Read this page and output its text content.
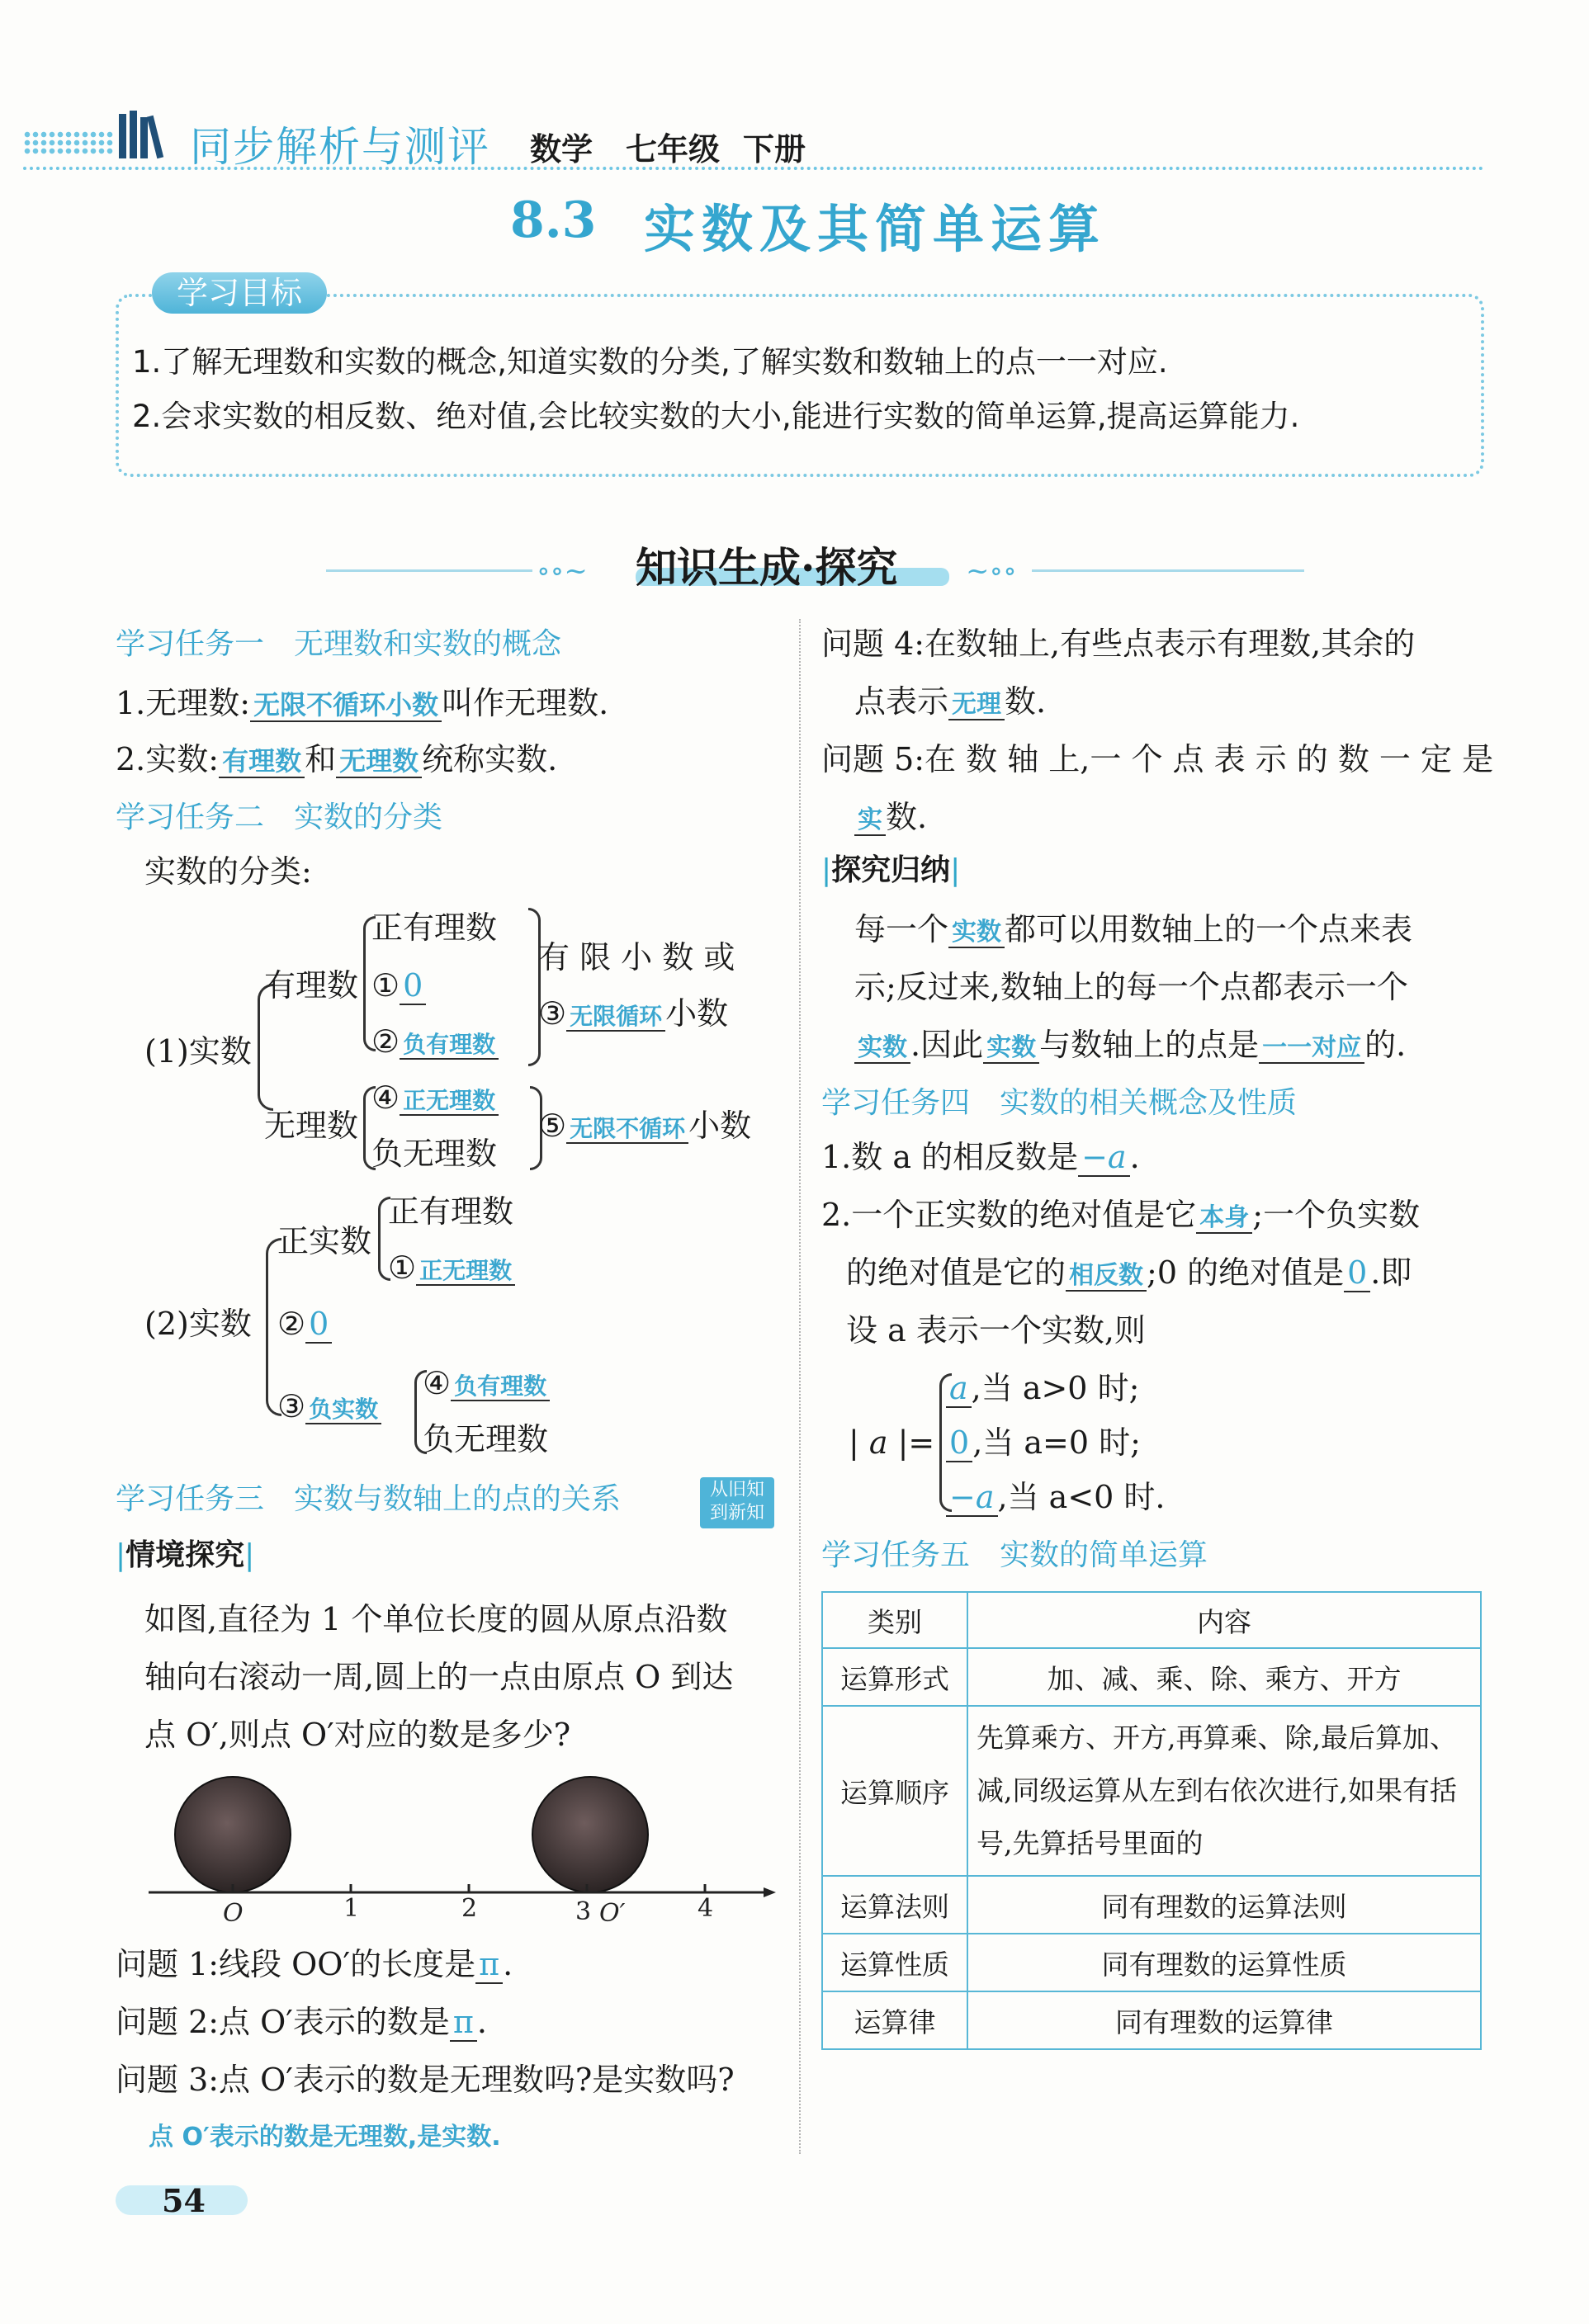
同步解析与测评 数学 七年级 下册
8.3 实数及其简单运算
学习目标
1.了解无理数和实数的概念,知道实数的分类,了解实数和数轴上的点一一对应.
2.会求实数的相反数、绝对值,会比较实数的大小,能进行实数的简单运算,提高运算能力.
∘∘~	~∘∘
知识生成·探究
学习任务一　无理数和实数的概念
1.无理数: 无限不循环小数 叫作无理数.
2.实数: 有理数 和 无理数 统称实数.
学习任务二　实数的分类
实数的分类:
(1)实数
有理数
正有理数
① 0
② 负有理数
有 限 小 数 或
③ 无限循环 小数
无理数
④ 正无理数
负无理数
⑤ 无限不循环 小数
(2)实数
正实数
正有理数
① 正无理数
② 0
③ 负实数
④ 负有理数
负无理数
学习任务三　实数与数轴上的点的关系	从旧知
到新知
|情境探究|
如图,直径为 1 个单位长度的圆从原点沿数
轴向右滚动一周,圆上的一点由原点 O 到达
点 O′,则点 O′对应的数是多少?
O	1	2	3 O′	4
问题 1:线段 OO′的长度是 π .
问题 2:点 O′表示的数是 π .
问题 3:点 O′表示的数是无理数吗?是实数吗?
点 O′表示的数是无理数,是实数.
问题 4:在数轴上,有些点表示有理数,其余的
点表示 无理 数.
问题 5:在 数 轴 上,一 个 点 表 示 的 数 一 定 是
实 数.
|探究归纳|
每一个 实数 都可以用数轴上的一个点来表
示;反过来,数轴上的每一个点都表示一个
实数 .因此 实数 与数轴上的点是 一一对应 的.
学习任务四　实数的相关概念及性质
1.数 a 的相反数是 −a .
2.一个正实数的绝对值是它 本身 ;一个负实数
的绝对值是它的 相反数 ;0 的绝对值是 0 .即
设 a 表示一个实数,则
| a |=
a ,当 a>0 时;
0 ,当 a=0 时;
−a ,当 a<0 时.
学习任务五　实数的简单运算
类别	内容
运算形式	加、减、乘、除、乘方、开方
运算顺序	先算乘方、开方,再算乘、除,最后算加、减,同级运算从左到右依次进行,如果有括号,先算括号里面的
运算法则	同有理数的运算法则
运算性质	同有理数的运算性质
运算律	同有理数的运算律
54
